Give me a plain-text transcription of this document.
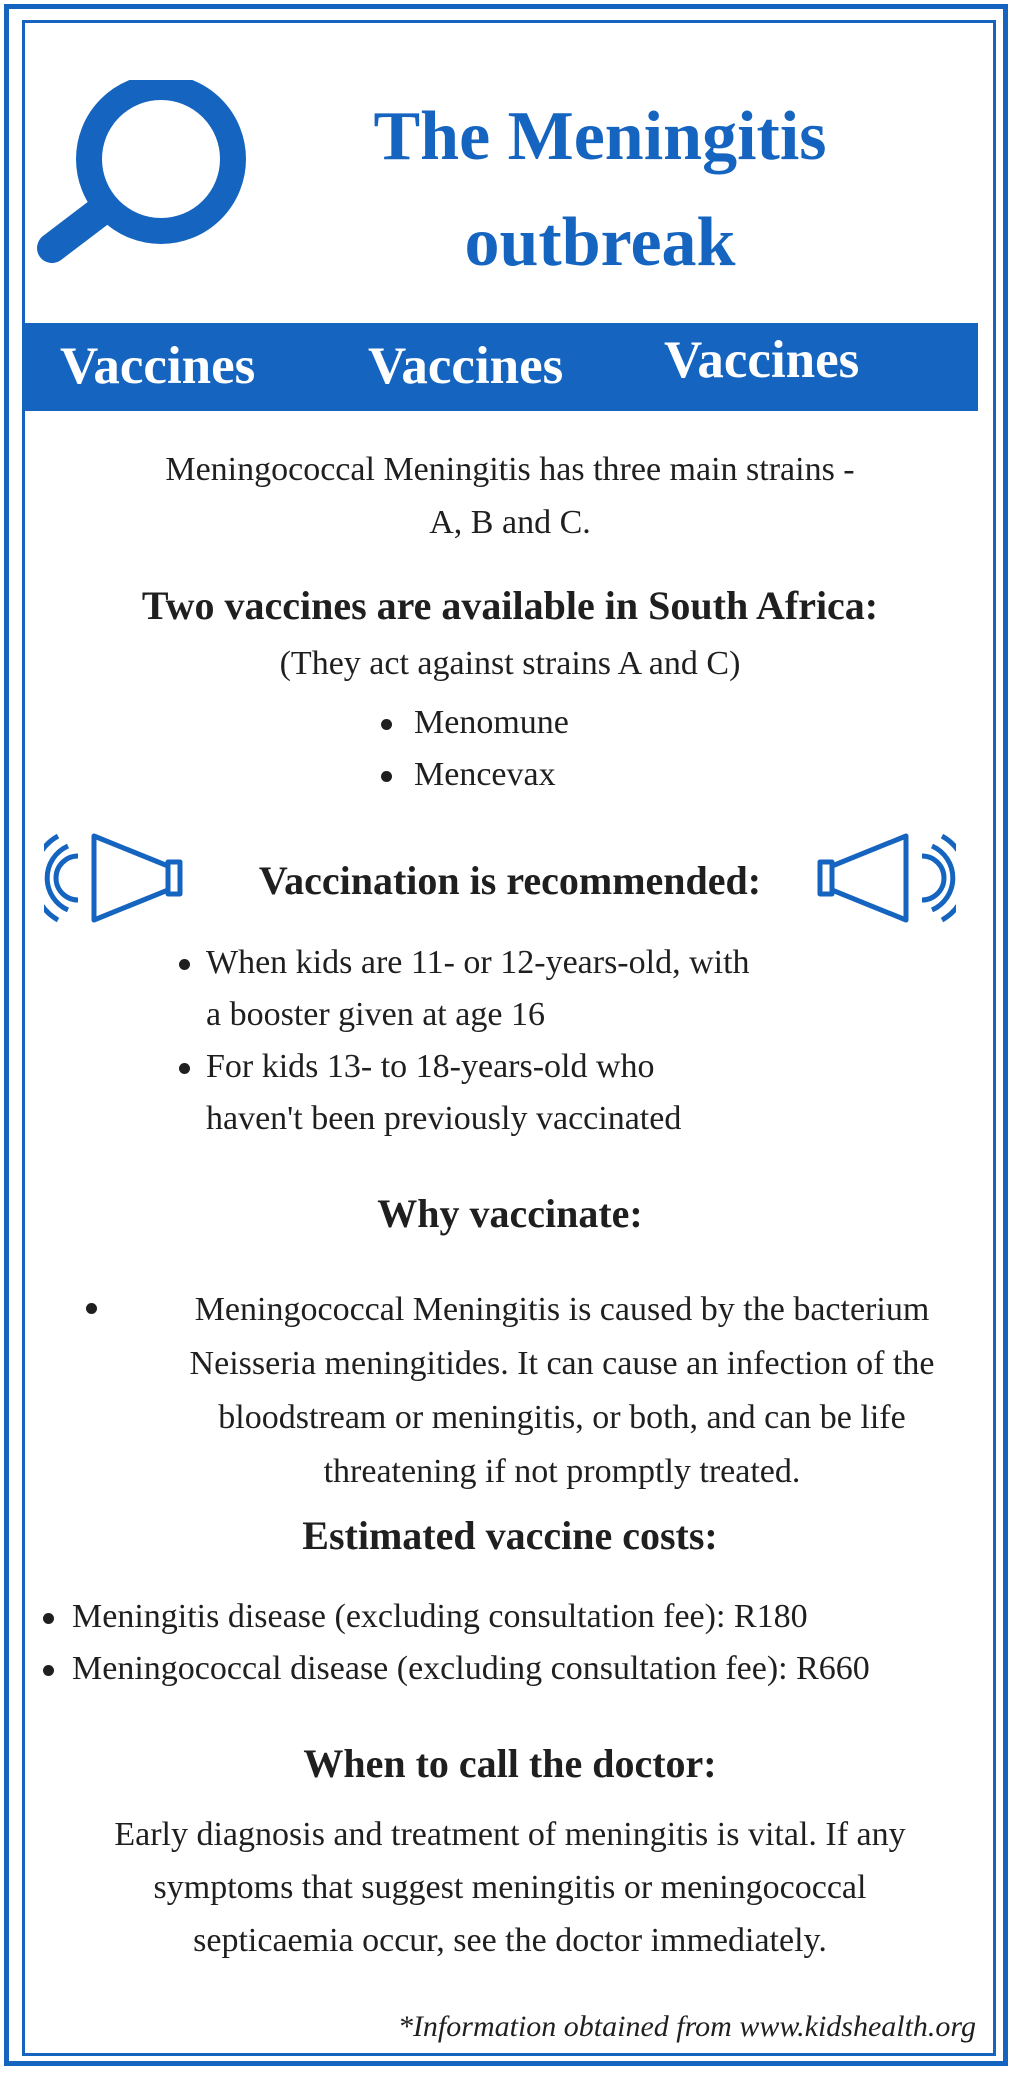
The Meningitis
outbreak
Vaccines Vaccines Vaccines

Meningococcal Meningitis has three main strains -

A, B and C.

Two vaccines are available in South Africa:

(They act against strains A and C)

Menomune
Mencevax

Vaccination is recommended:

When kids are 11- or 12-years-old, with
a booster given at age 16
For kids 13- to 18-years-old who
haven't been previously vaccinated

Why vaccinate:

Meningococcal Meningitis is caused by the bacterium
Neisseria meningitides. It can cause an infection of the
bloodstream or meningitis, or both, and can be life
threatening if not promptly treated.

Estimated vaccine costs:

Meningitis disease (excluding consultation fee): R180
Meningococcal disease (excluding consultation fee): R660

When to call the doctor:

Early diagnosis and treatment of meningitis is vital. If any
symptoms that suggest meningitis or meningococcal
septicaemia occur, see the doctor immediately.
*Information obtained from www.kidshealth.org
